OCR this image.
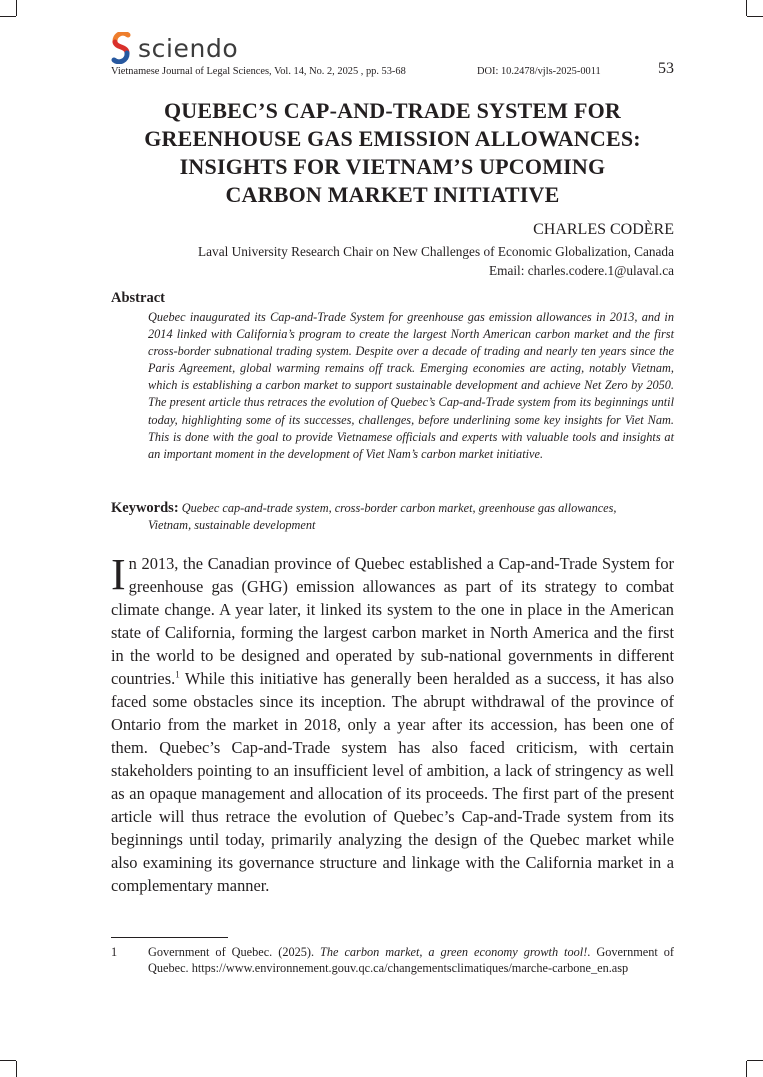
sciendo
Vietnamese Journal of Legal Sciences, Vol. 14, No. 2, 2025 , pp. 53-68	DOI: 10.2478/vjls-2025-0011	53
QUEBEC’S CAP-AND-TRADE SYSTEM FOR
GREENHOUSE GAS EMISSION ALLOWANCES:
INSIGHTS FOR VIETNAM’S UPCOMING
CARBON MARKET INITIATIVE
CHARLES CODÈRE
Laval University Research Chair on New Challenges of Economic Globalization, Canada
Email: charles.codere.1@ulaval.ca
Abstract

Quebec inaugurated its Cap-and-Trade System for greenhouse gas emission allowances in 2013, and in 2014 linked with California’s program to create the largest North American carbon market and the first cross-border subnational trading system. Despite over a decade of trading and nearly ten years since the Paris Agreement, global warming remains off track. Emerging economies are acting, notably Vietnam, which is establishing a carbon market to support sustainable development and achieve Net Zero by 2050. The present article thus retraces the evolution of Quebec’s Cap-and-Trade system from its beginnings until today, highlighting some of its successes, challenges, before underlining some key insights for Viet Nam. This is done with the goal to provide Vietnamese officials and experts with valuable tools and insights at an important moment in the development of Viet Nam’s carbon market initiative.

Keywords: Quebec cap-and-trade system, cross-border carbon market, greenhouse gas allowances,
Vietnam, sustainable development

In 2013, the Canadian province of Quebec established a Cap-and-Trade System for greenhouse gas (GHG) emission allowances as part of its strategy to combat climate change. A year later, it linked its system to the one in place in the American state of California, forming the largest carbon market in North America and the first in the world to be designed and operated by sub-national governments in different countries.$^1$ While this initiative has generally been heralded as a success, it has also faced some obstacles since its inception. The abrupt withdrawal of the province of Ontario from the market in 2018, only a year after its accession, has been one of them. Quebec’s Cap-and-Trade system has also faced criticism, with certain stakeholders pointing to an insufficient level of ambition, a lack of stringency as well as an opaque management and allocation of its proceeds. The first part of the present article will thus retrace the evolution of Quebec’s Cap-and-Trade system from its beginnings until today, primarily analyzing the design of the Quebec market while also examining its governance structure and linkage with the California market in a complementary manner.

1	Government of Quebec. (2025). The carbon market, a green economy growth tool!. Government of Quebec. https://www.environnement.gouv.qc.ca/changementsclimatiques/marche-carbone_en.asp
